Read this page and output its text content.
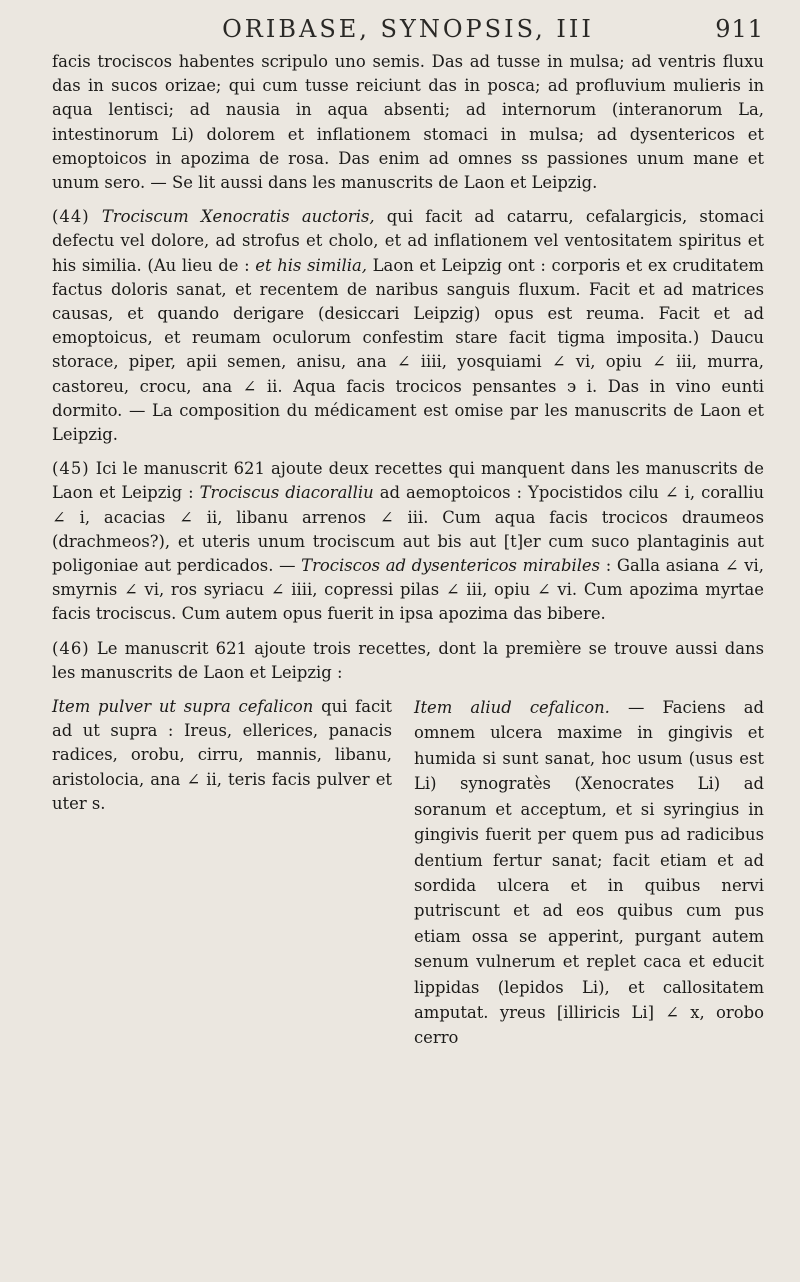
ORIBASE, SYNOPSIS, III	911

facis trociscos habentes scripulo uno semis. Das ad tusse in mulsa; ad ventris fluxu das in sucos orizae; qui cum tusse reiciunt das in posca; ad profluvium mulieris in aqua lentisci; ad nausia in aqua absenti; ad internorum (interanorum La, intestinorum Li) dolorem et inflationem stomaci in mulsa; ad dysentericos et emoptoicos in apozima de rosa. Das enim ad omnes ss passiones unum mane et unum sero. — Se lit aussi dans les manuscrits de Laon et Leipzig.

(44) Trociscum Xenocratis auctoris, qui facit ad catarru, cefalargicis, stomaci defectu vel dolore, ad strofus et cholo, et ad inflationem vel ventositatem spiritus et his similia. (Au lieu de : et his similia, Laon et Leipzig ont : corporis et ex cruditatem factus doloris sanat, et recentem de naribus sanguis fluxum. Facit et ad matrices causas, et quando derigare (desiccari Leipzig) opus est reuma. Facit et ad emoptoicus, et reumam oculorum confestim stare facit tigma imposita.) Daucu storace, piper, apii semen, anisu, ana ∠ iiii, yosquiami ∠ vi, opiu ∠ iii, murra, castoreu, crocu, ana ∠ ii. Aqua facis trocicos pensantes ϶ i. Das in vino eunti dormito. — La composition du médicament est omise par les manuscrits de Laon et Leipzig.

(45) Ici le manuscrit 621 ajoute deux recettes qui manquent dans les manuscrits de Laon et Leipzig : Trociscus diacoralliu ad aemoptoicos : Ypocistidos cilu ∠ i, coralliu ∠ i, acacias ∠ ii, libanu arrenos ∠ iii. Cum aqua facis trocicos draumeos (drachmeos?), et uteris unum trociscum aut bis aut [t]er cum suco plantaginis aut poligoniae aut perdicados. — Trociscos ad dysentericos mirabiles : Galla asiana ∠ vi, smyrnis ∠ vi, ros syriacu ∠ iiii, copressi pilas ∠ iii, opiu ∠ vi. Cum apozima myrtae facis trociscus. Cum autem opus fuerit in ipsa apozima das bibere.

(46) Le manuscrit 621 ajoute trois recettes, dont la première se trouve aussi dans les manuscrits de Laon et Leipzig :

Item pulver ut supra cefalicon qui facit ad ut supra : Ireus, ellerices, panacis radices, orobu, cirru, mannis, libanu, aristolocia, ana ∠ ii, teris facis pulver et uter s.
Item aliud cefalicon. — Faciens ad omnem ulcera maxime in gingivis et humida si sunt sanat, hoc usum (usus est Li) synogratès (Xenocrates Li) ad soranum et acceptum, et si syringius in gingivis fuerit per quem pus ad radicibus dentium fertur sanat; facit etiam et ad sordida ulcera et in quibus nervi putriscunt et ad eos quibus cum pus etiam ossa se apperint, purgant autem senum vulnerum et replet caca et educit lippidas (lepidos Li), et callositatem amputat. yreus [illiricis Li] ∠ x, orobo cerro
